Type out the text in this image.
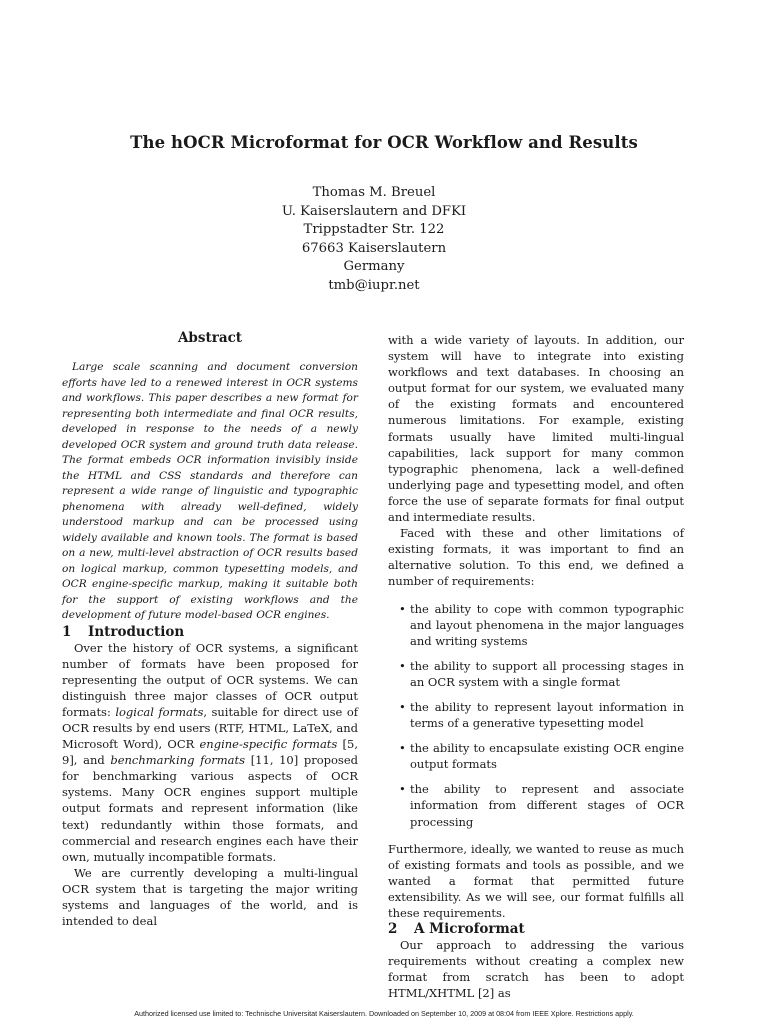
The hOCR Microformat for OCR Workflow and Results
Thomas M. Breuel
U. Kaiserslautern and DFKI
Trippstadter Str. 122
67663 Kaiserslautern
Germany
tmb@iupr.net
Abstract

Large scale scanning and document conversion efforts have led to a renewed interest in OCR systems and workflows. This paper describes a new format for representing both intermediate and final OCR results, developed in response to the needs of a newly developed OCR system and ground truth data release. The format embeds OCR information invisibly inside the HTML and CSS standards and therefore can represent a wide range of linguistic and typographic phenomena with already well-defined, widely understood markup and can be processed using widely available and known tools. The format is based on a new, multi-level abstraction of OCR results based on logical markup, common typesetting models, and OCR engine-specific markup, making it suitable both for the support of existing workflows and the development of future model-based OCR engines.

1 Introduction

Over the history of OCR systems, a significant number of formats have been proposed for representing the output of OCR systems. We can distinguish three major classes of OCR output formats: logical formats, suitable for direct use of OCR results by end users (RTF, HTML, LaTeX, and Microsoft Word), OCR engine-specific formats [5, 9], and benchmarking formats [11, 10] proposed for benchmarking various aspects of OCR systems. Many OCR engines support multiple output formats and represent information (like text) redundantly within those formats, and commercial and research engines each have their own, mutually incompatible formats.

We are currently developing a multi-lingual OCR system that is targeting the major writing systems and languages of the world, and is intended to deal

with a wide variety of layouts. In addition, our system will have to integrate into existing workflows and text databases. In choosing an output format for our system, we evaluated many of the existing formats and encountered numerous limitations. For example, existing formats usually have limited multi-lingual capabilities, lack support for many common typographic phenomena, lack a well-defined underlying page and typesetting model, and often force the use of separate formats for final output and intermediate results.

Faced with these and other limitations of existing formats, it was important to find an alternative solution. To this end, we defined a number of requirements:

• the ability to cope with common typographic and layout phenomena in the major languages and writing systems
• the ability to support all processing stages in an OCR system with a single format
• the ability to represent layout information in terms of a generative typesetting model
• the ability to encapsulate existing OCR engine output formats
• the ability to represent and associate information from different stages of OCR processing

Furthermore, ideally, we wanted to reuse as much of existing formats and tools as possible, and we wanted a format that permitted future extensibility. As we will see, our format fulfills all these requirements.

2 A Microformat

Our approach to addressing the various requirements without creating a complex new format from scratch has been to adopt HTML/XHTML [2] as

Authorized licensed use limited to: Technische Universitat Kaiserslautern. Downloaded on September 10, 2009 at 08:04 from IEEE Xplore. Restrictions apply.
